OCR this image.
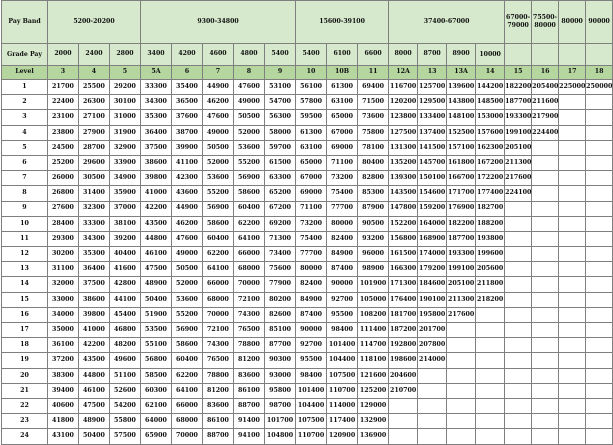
Pay Band	5200-20200			9300-34800					15600-39100			37400-67000				67000-79000	75500-80000	80000	90000
Grade Pay	2000	2400	2800	3400	4200	4600	4800	5400	5400	6100	6600	8000	8700	8900	10000				
Level	3	4	5	5A	6	7	8	9	10	10B	11	12A	13	13A	14	15	16	17	18
1	21700	25500	29200	33300	35400	44900	47600	53100	56100	61300	69400	116700	125700	139600	144200	182200	205400	225000	250000
2	22400	26300	30100	34300	36500	46200	49000	54700	57800	63100	71500	120200	129500	143800	148500	187700	211600		
3	23100	27100	31000	35300	37600	47600	50500	56300	59500	65000	73600	123800	133400	148100	153000	193300	217900		
4	23800	27900	31900	36400	38700	49000	52000	58000	61300	67000	75800	127500	137400	152500	157600	199100	224400		
5	24500	28700	32900	37500	39900	50500	53600	59700	63100	69000	78100	131300	141500	157100	162300	205100			
6	25200	29600	33900	38600	41100	52000	55200	61500	65000	71100	80400	135200	145700	161800	167200	211300			
7	26000	30500	34900	39800	42300	53600	56900	63300	67000	73200	82800	139300	150100	166700	172200	217600			
8	26800	31400	35900	41000	43600	55200	58600	65200	69000	75400	85300	143500	154600	171700	177400	224100			
9	27600	32300	37000	42200	44900	56900	60400	67200	71100	77700	87900	147800	159200	176900	182700				
10	28400	33300	38100	43500	46200	58600	62200	69200	73200	80000	90500	152200	164000	182200	188200				
11	29300	34300	39200	44800	47600	60400	64100	71300	75400	82400	93200	156800	168900	187700	193800				
12	30200	35300	40400	46100	49000	62200	66000	73400	77700	84900	96000	161500	174000	193300	199600				
13	31100	36400	41600	47500	50500	64100	68000	75600	80000	87400	98900	166300	179200	199100	205600				
14	32000	37500	42800	48900	52000	66000	70000	77900	82400	90000	101900	171300	184600	205100	211800				
15	33000	38600	44100	50400	53600	68000	72100	80200	84900	92700	105000	176400	190100	211300	218200				
16	34000	39800	45400	51900	55200	70000	74300	82600	87400	95500	108200	181700	195800	217600					
17	35000	41000	46800	53500	56900	72100	76500	85100	90000	98400	111400	187200	201700						
18	36100	42200	48200	55100	58600	74300	78800	87700	92700	101400	114700	192800	207800						
19	37200	43500	49600	56800	60400	76500	81200	90300	95500	104400	118100	198600	214000						
20	38300	44800	51100	58500	62200	78800	83600	93000	98400	107500	121600	204600							
21	39400	46100	52600	60300	64100	81200	86100	95800	101400	110700	125200	210700							
22	40600	47500	54200	62100	66000	83600	88700	98700	104400	114000	129000								
23	41800	48900	55800	64000	68000	86100	91400	101700	107500	117400	132900								
24	43100	50400	57500	65900	70000	88700	94100	104800	110700	120900	136900								
